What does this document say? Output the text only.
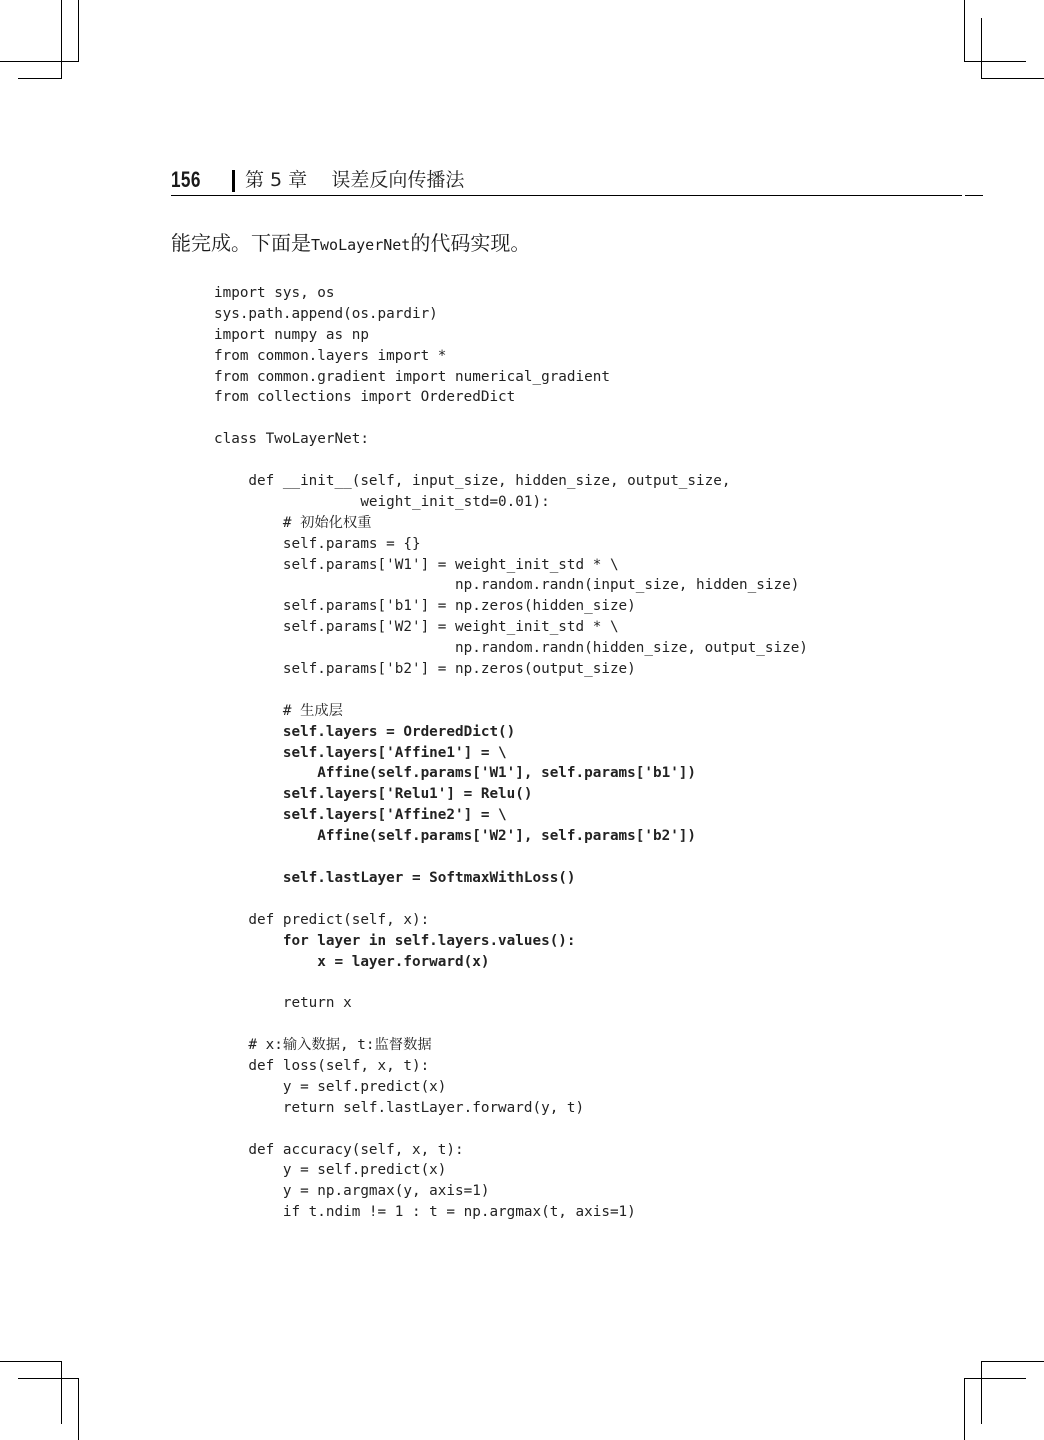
156 第 5 章    误差反向传播法
能完成。下面是TwoLayerNet的代码实现。
import sys, os
sys.path.append(os.pardir)
import numpy as np
from common.layers import *
from common.gradient import numerical_gradient
from collections import OrderedDict
class TwoLayerNet:
def __init__(self, input_size, hidden_size, output_size,
weight_init_std=0.01):
# 初始化权重
self.params = {}
self.params['W1'] = weight_init_std * \
np.random.randn(input_size, hidden_size)
self.params['b1'] = np.zeros(hidden_size)
self.params['W2'] = weight_init_std * \
np.random.randn(hidden_size, output_size)
self.params['b2'] = np.zeros(output_size)
# 生成层
self.layers = OrderedDict()
self.layers['Affine1'] = \
Affine(self.params['W1'], self.params['b1'])
self.layers['Relu1'] = Relu()
self.layers['Affine2'] = \
Affine(self.params['W2'], self.params['b2'])
self.lastLayer = SoftmaxWithLoss()
def predict(self, x):
for layer in self.layers.values():
x = layer.forward(x)
return x
# x:输入数据, t:监督数据
def loss(self, x, t):
y = self.predict(x)
return self.lastLayer.forward(y, t)
def accuracy(self, x, t):
y = self.predict(x)
y = np.argmax(y, axis=1)
if t.ndim != 1 : t = np.argmax(t, axis=1)
